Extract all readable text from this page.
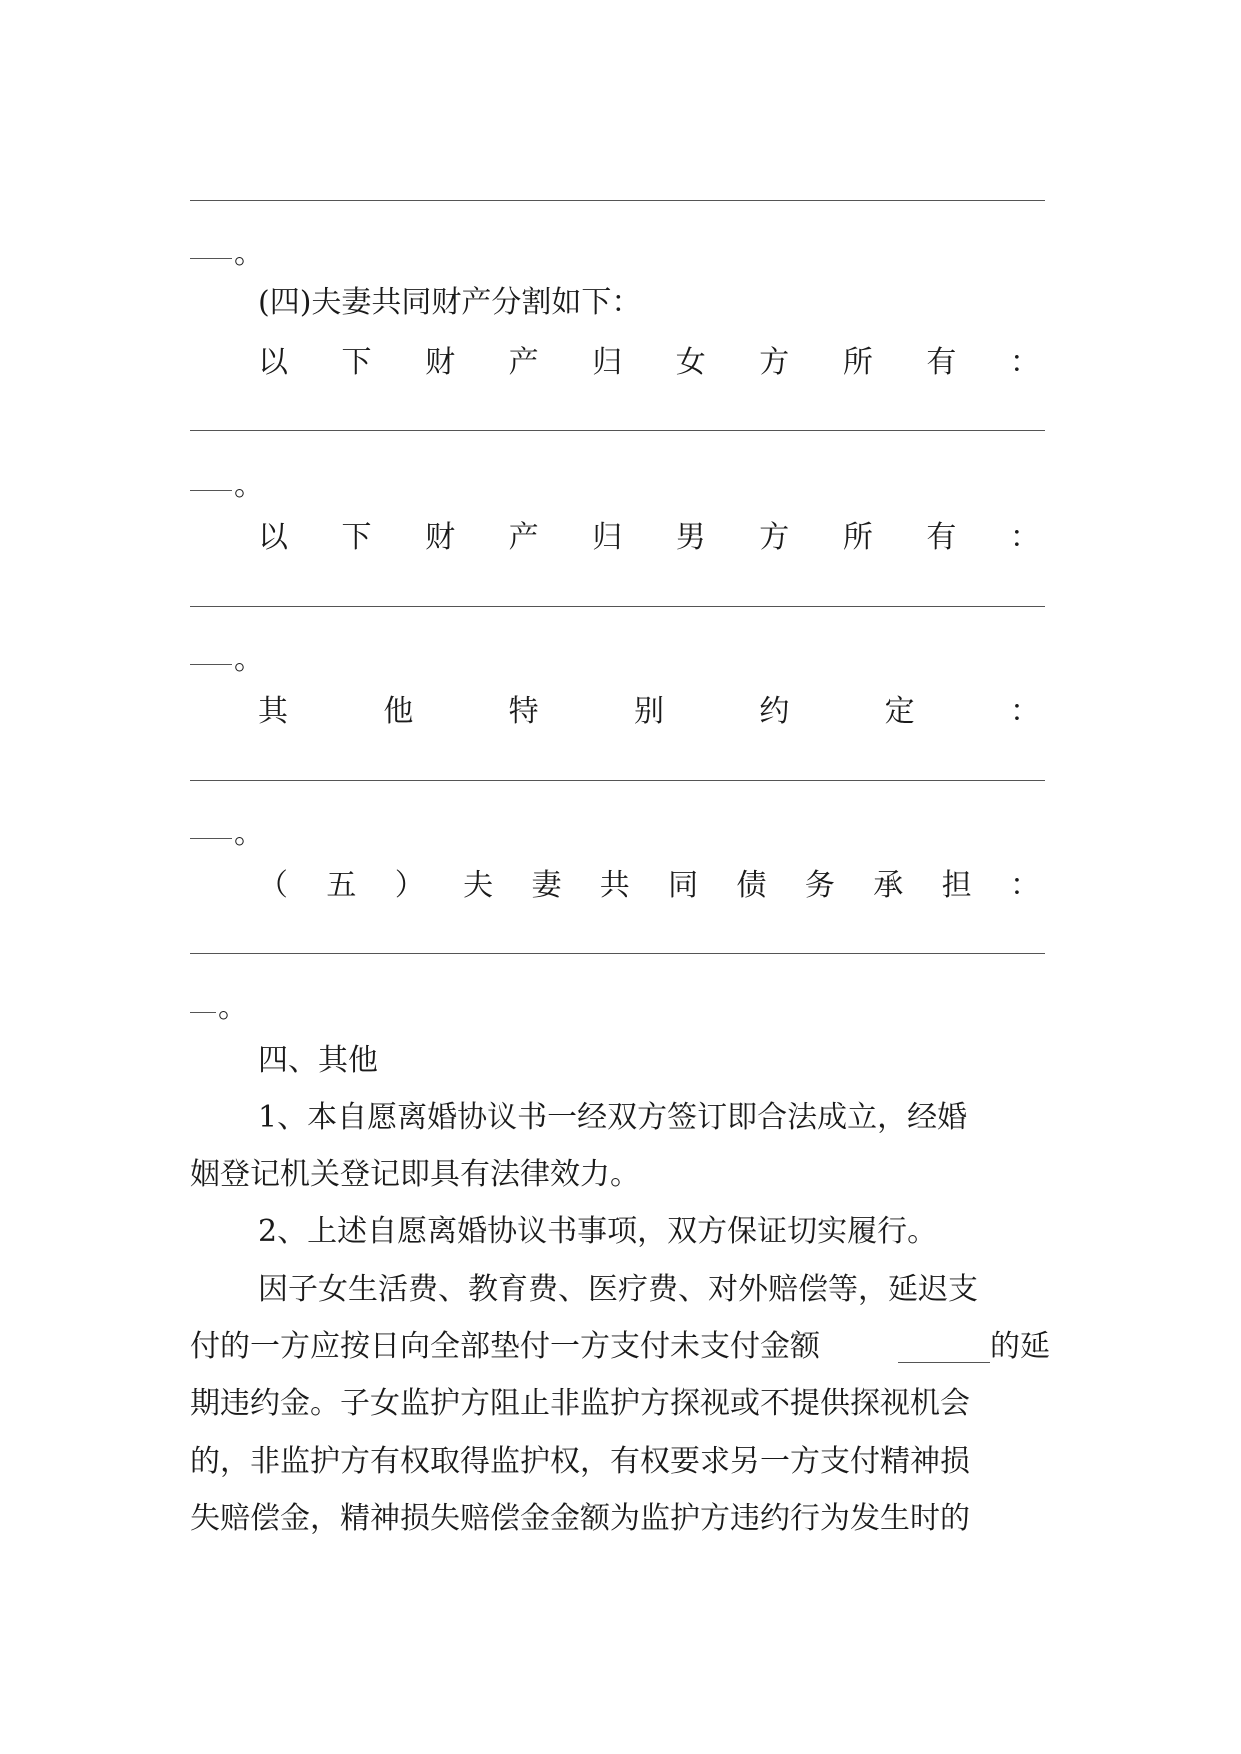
。

(四)夫妻共同财产分割如下：

以 下 财 产 归 女 方 所 有 ：

。

以 下 财 产 归 男 方 所 有 ：

。

其	他	特	别	约	定	：

。

（ 五 ） 夫 妻 共 同 债 务 承 担 ：

。

四、其他

1、本自愿离婚协议书一经双方签订即合法成立，经婚

姻登记机关登记即具有法律效力。

2、上述自愿离婚协议书事项，双方保证切实履行。

因子女生活费、教育费、医疗费、对外赔偿等，延迟支

付的一方应按日向全部垫付一方支付未支付金额	的延

期违约金。子女监护方阻止非监护方探视或不提供探视机会

的，非监护方有权取得监护权，有权要求另一方支付精神损

失赔偿金，精神损失赔偿金金额为监护方违约行为发生时的
